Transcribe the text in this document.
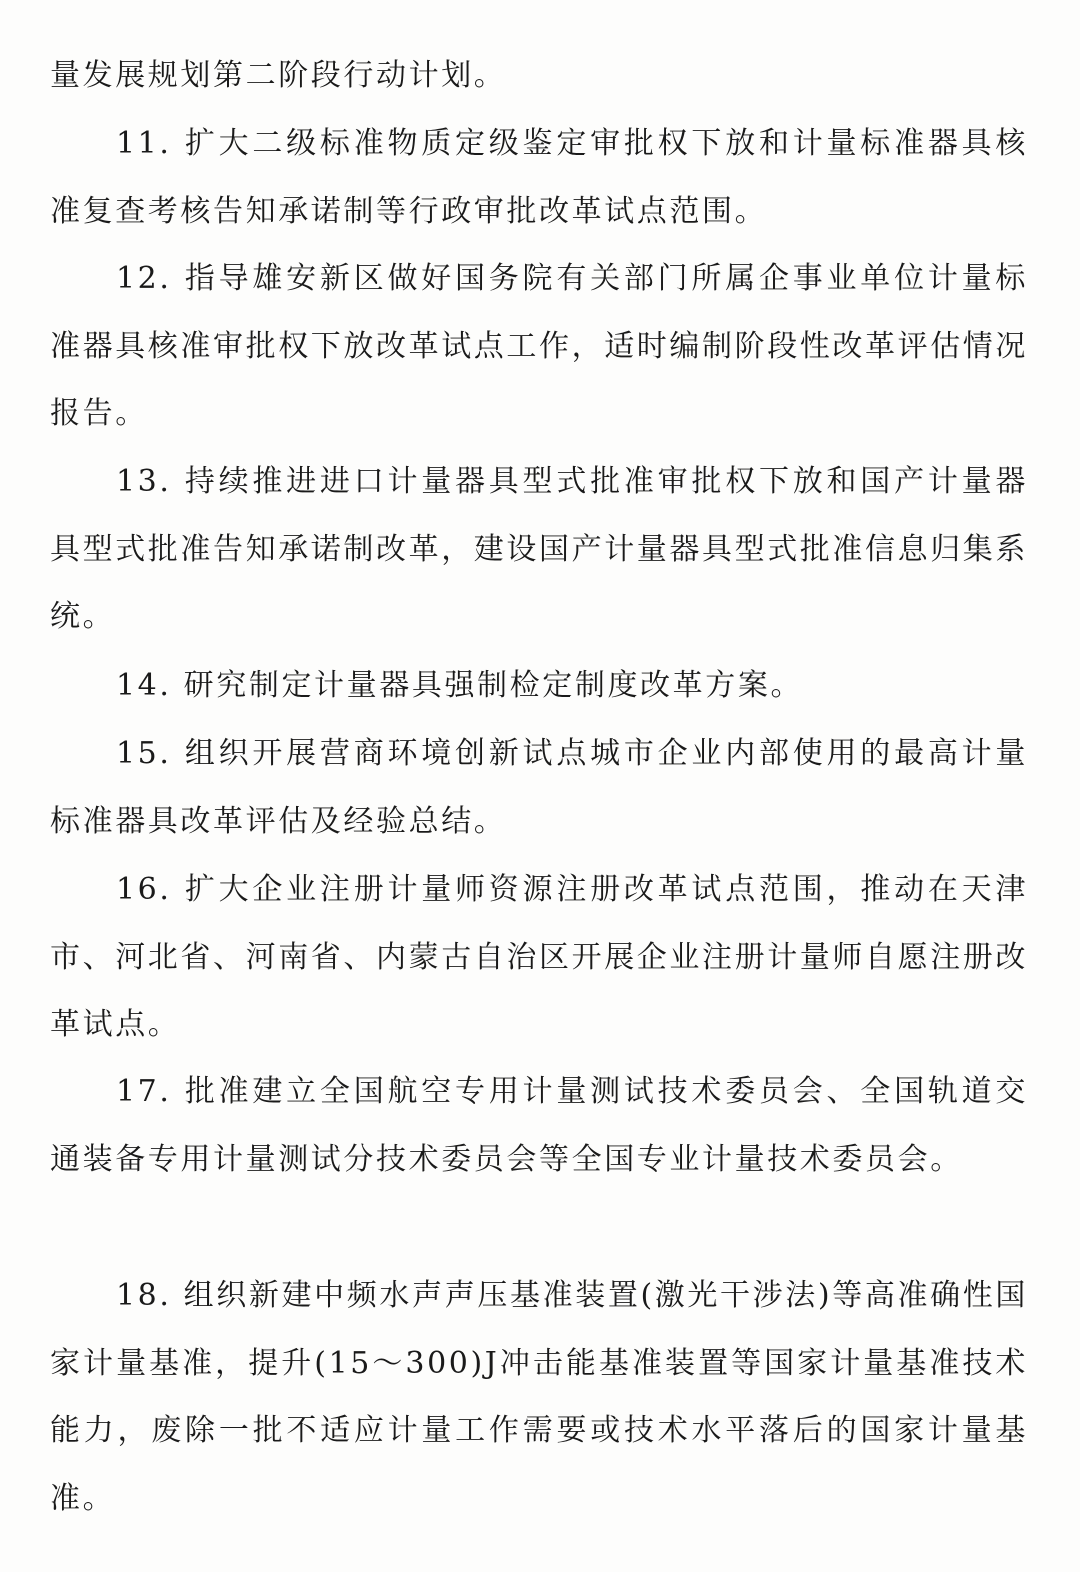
量发展规划第二阶段行动计划。

11. 扩大二级标准物质定级鉴定审批权下放和计量标准器具核准复查考核告知承诺制等行政审批改革试点范围。

12. 指导雄安新区做好国务院有关部门所属企事业单位计量标准器具核准审批权下放改革试点工作，适时编制阶段性改革评估情况报告。

13. 持续推进进口计量器具型式批准审批权下放和国产计量器具型式批准告知承诺制改革，建设国产计量器具型式批准信息归集系统。

14. 研究制定计量器具强制检定制度改革方案。

15. 组织开展营商环境创新试点城市企业内部使用的最高计量标准器具改革评估及经验总结。

16. 扩大企业注册计量师资源注册改革试点范围，推动在天津市、河北省、河南省、内蒙古自治区开展企业注册计量师自愿注册改革试点。

17. 批准建立全国航空专用计量测试技术委员会、全国轨道交通装备专用计量测试分技术委员会等全国专业计量技术委员会。

18. 组织新建中频水声声压基准装置(激光干涉法)等高准确性国家计量基准，提升(15～300)J冲击能基准装置等国家计量基准技术能力，废除一批不适应计量工作需要或技术水平落后的国家计量基准。
